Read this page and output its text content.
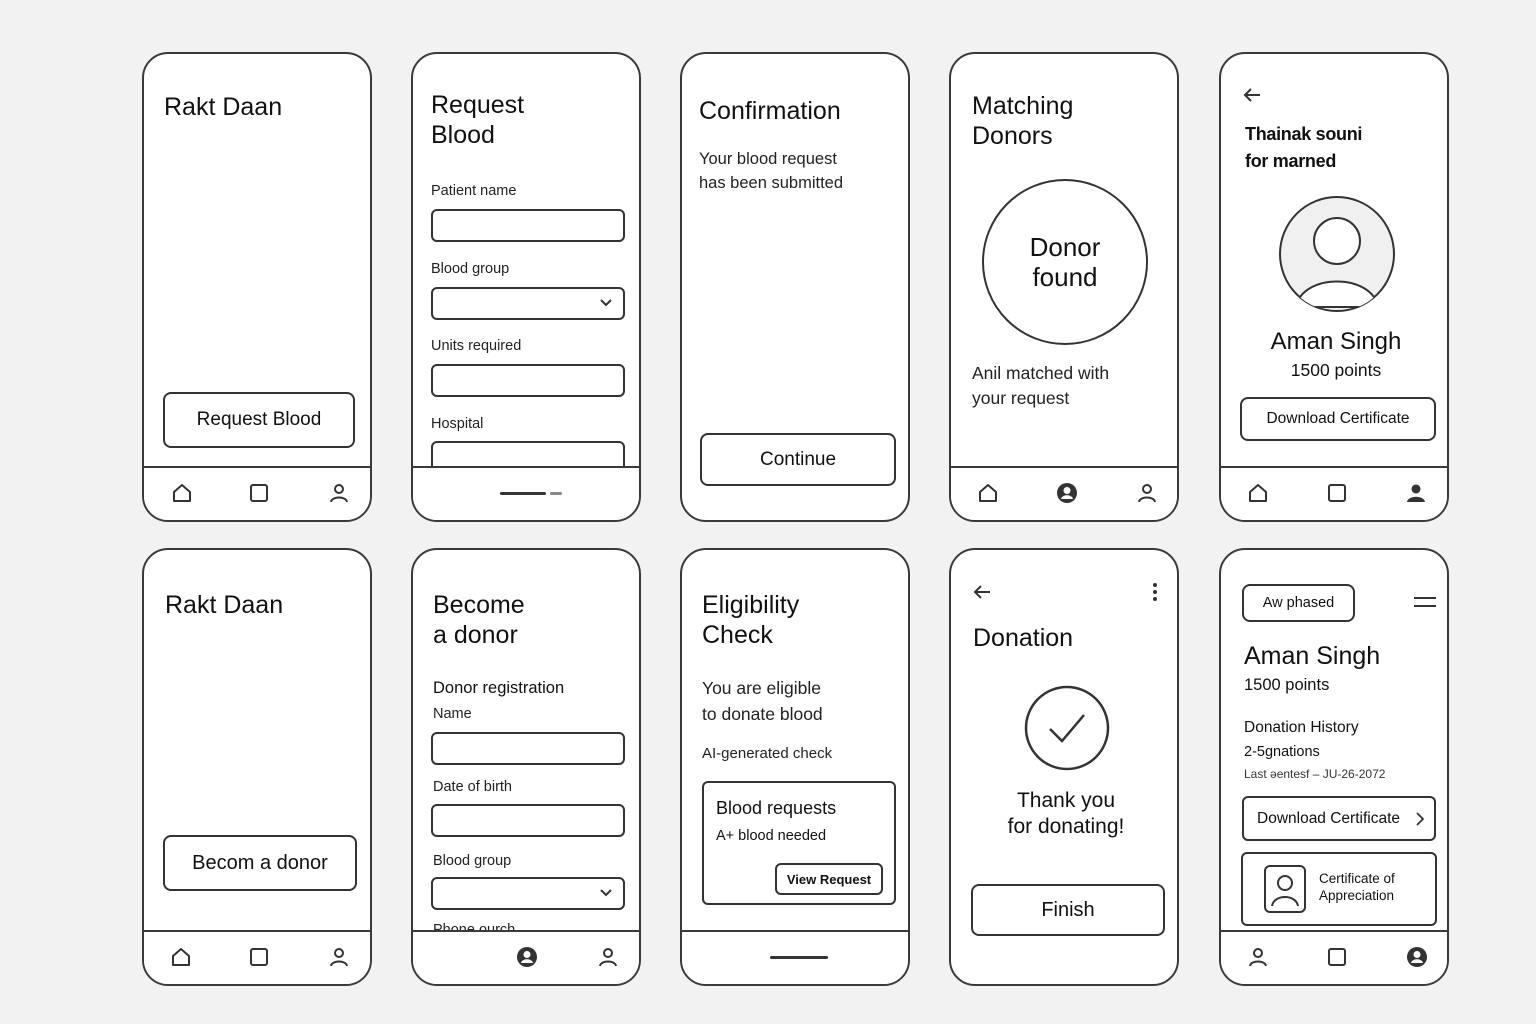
Rakt Daan
Request Blood
Request
Blood
Patient name
Blood group
Units required
Hospital
Confirmation
Your blood request
has been submitted
Continue
Matching
Donors
Donor
found
Anil matched with
your request
Thainak souni
for marned
Aman Singh
1500 points
Download Certificate
Rakt Daan
Becom a donor
Become
a donor
Donor registration
Name
Date of birth
Blood group
Eligibility
Check
You are eligible
to donate blood
AI-generated check
Blood requests
A+ blood needed
View Request
Donation
Thank you
for donating!
Finish
Aw phased
Aman Singh
1500 points
Donation History
2-5gnations
Last əentesf – JU-26-2072
Download Certificate
Certificate of
Appreciation
